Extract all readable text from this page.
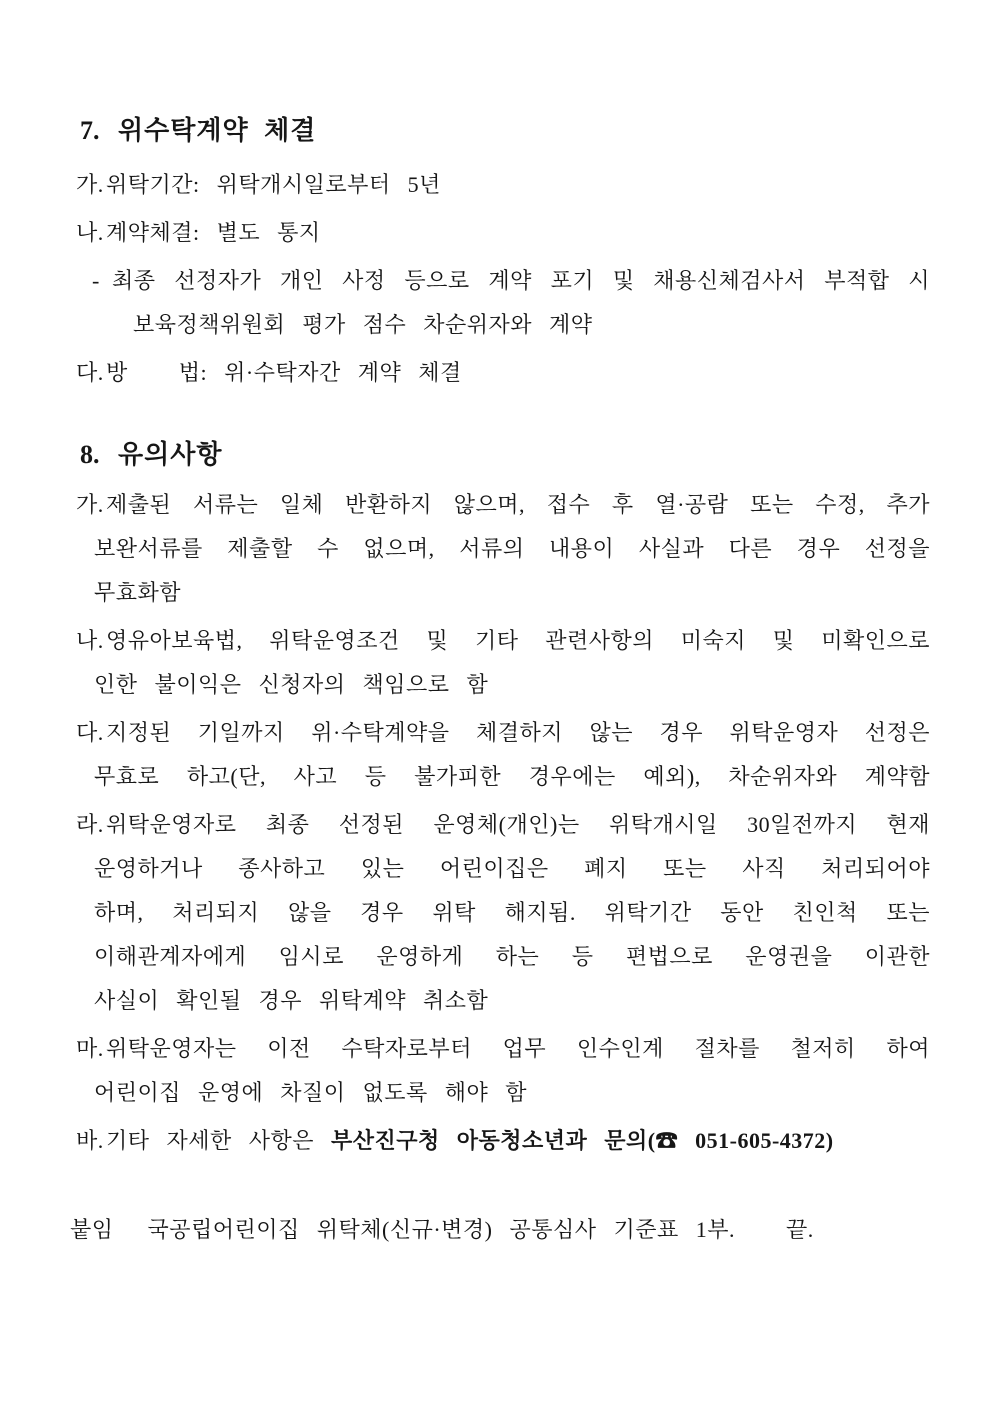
7. 위수탁계약 체결
가. 위탁기간: 위탁개시일로부터 5년
나. 계약체결: 별도 통지
- 최종 선정자가 개인 사정 등으로 계약 포기 및 채용신체검사서 부적합 시
보육정책위원회 평가 점수 차순위자와 계약
다. 방   법: 위·수탁자간 계약 체결
8. 유의사항
가. 제출된 서류는 일체 반환하지 않으며, 접수 후 열·공람 또는 수정, 추가
보완서류를 제출할 수 없으며, 서류의 내용이 사실과 다른 경우 선정을
무효화함
나. 영유아보육법, 위탁운영조건 및 기타 관련사항의 미숙지 및 미확인으로
인한 불이익은 신청자의 책임으로 함
다. 지정된 기일까지 위·수탁계약을 체결하지 않는 경우 위탁운영자 선정은
무효로 하고(단, 사고 등 불가피한 경우에는 예외), 차순위자와 계약함
라. 위탁운영자로 최종 선정된 운영체(개인)는 위탁개시일 30일전까지 현재
운영하거나 종사하고 있는 어린이집은 폐지 또는 사직 처리되어야
하며, 처리되지 않을 경우 위탁 해지됨. 위탁기간 동안 친인척 또는
이해관계자에게 임시로 운영하게 하는 등 편법으로 운영권을 이관한
사실이 확인될 경우 위탁계약 취소함
마. 위탁운영자는 이전 수탁자로부터 업무 인수인계 절차를 철저히 하여
어린이집 운영에 차질이 없도록 해야 함
바. 기타 자세한 사항은 부산진구청 아동청소년과 문의(☎ 051-605-4372)
붙임  국공립어린이집 위탁체(신규·변경) 공통심사 기준표 1부.   끝.
